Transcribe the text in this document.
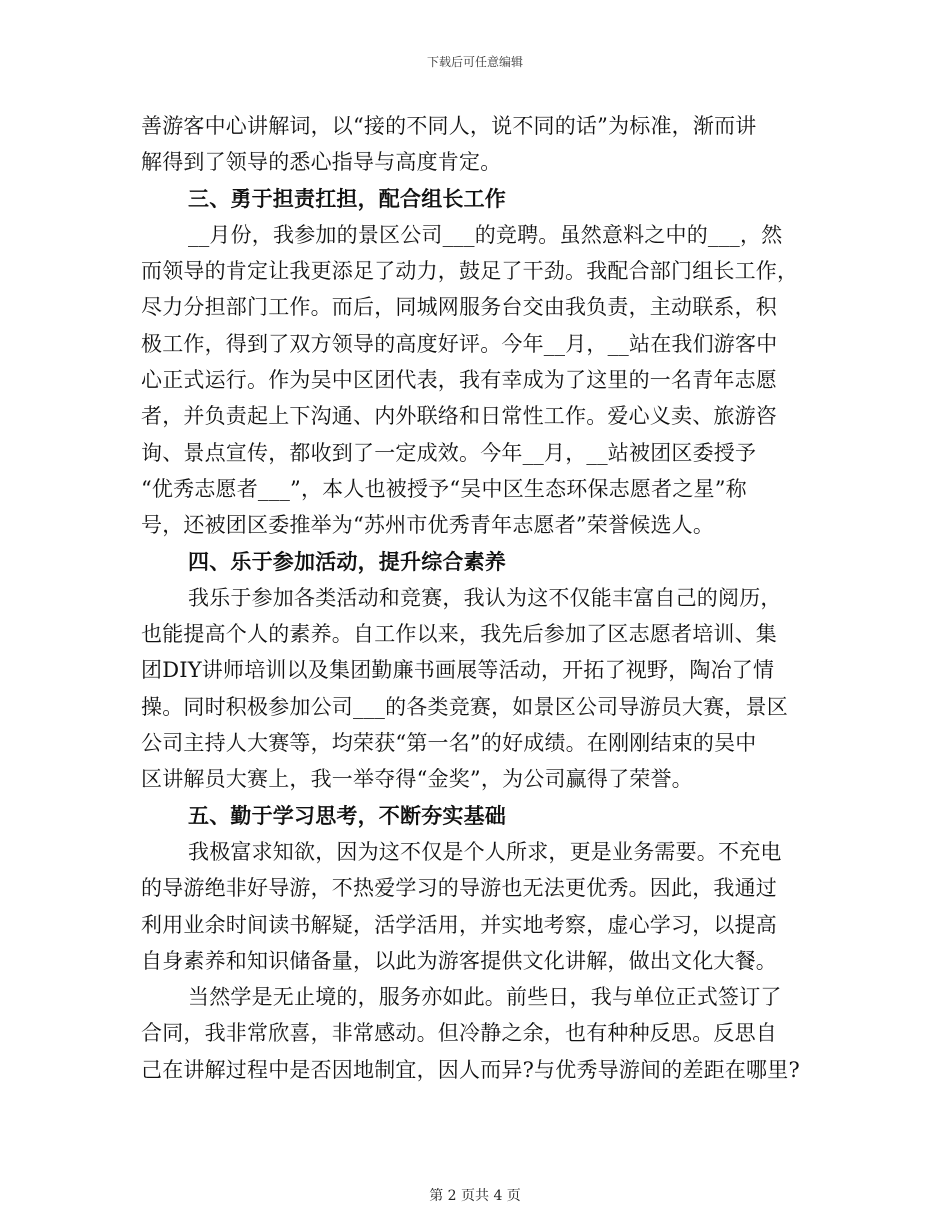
下载后可任意编辑
善游客中心讲解词，以“接的不同人，说不同的话”为标准，渐而讲
解得到了领导的悉心指导与高度肯定。
三、勇于担责扛担，配合组长工作
__月份，我参加的景区公司___的竞聘。虽然意料之中的___，然
而领导的肯定让我更添足了动力，鼓足了干劲。我配合部门组长工作，
尽力分担部门工作。而后，同城网服务台交由我负责，主动联系，积
极工作，得到了双方领导的高度好评。今年__月，__站在我们游客中
心正式运行。作为吴中区团代表，我有幸成为了这里的一名青年志愿
者，并负责起上下沟通、内外联络和日常性工作。爱心义卖、旅游咨
询、景点宣传，都收到了一定成效。今年__月，__站被团区委授予
“优秀志愿者___”，本人也被授予“吴中区生态环保志愿者之星”称
号，还被团区委推举为“苏州市优秀青年志愿者”荣誉候选人。
四、乐于参加活动，提升综合素养
我乐于参加各类活动和竞赛，我认为这不仅能丰富自己的阅历，
也能提高个人的素养。自工作以来，我先后参加了区志愿者培训、集
团DIY讲师培训以及集团勤廉书画展等活动，开拓了视野，陶冶了情
操。同时积极参加公司___的各类竞赛，如景区公司导游员大赛，景区
公司主持人大赛等，均荣获“第一名”的好成绩。在刚刚结束的吴中
区讲解员大赛上，我一举夺得“金奖”，为公司赢得了荣誉。
五、勤于学习思考，不断夯实基础
我极富求知欲，因为这不仅是个人所求，更是业务需要。不充电
的导游绝非好导游，不热爱学习的导游也无法更优秀。因此，我通过
利用业余时间读书解疑，活学活用，并实地考察，虚心学习，以提高
自身素养和知识储备量，以此为游客提供文化讲解，做出文化大餐。
当然学是无止境的，服务亦如此。前些日，我与单位正式签订了
合同，我非常欣喜，非常感动。但冷静之余，也有种种反思。反思自
己在讲解过程中是否因地制宜，因人而异?与优秀导游间的差距在哪里?
第 2 页共 4 页
